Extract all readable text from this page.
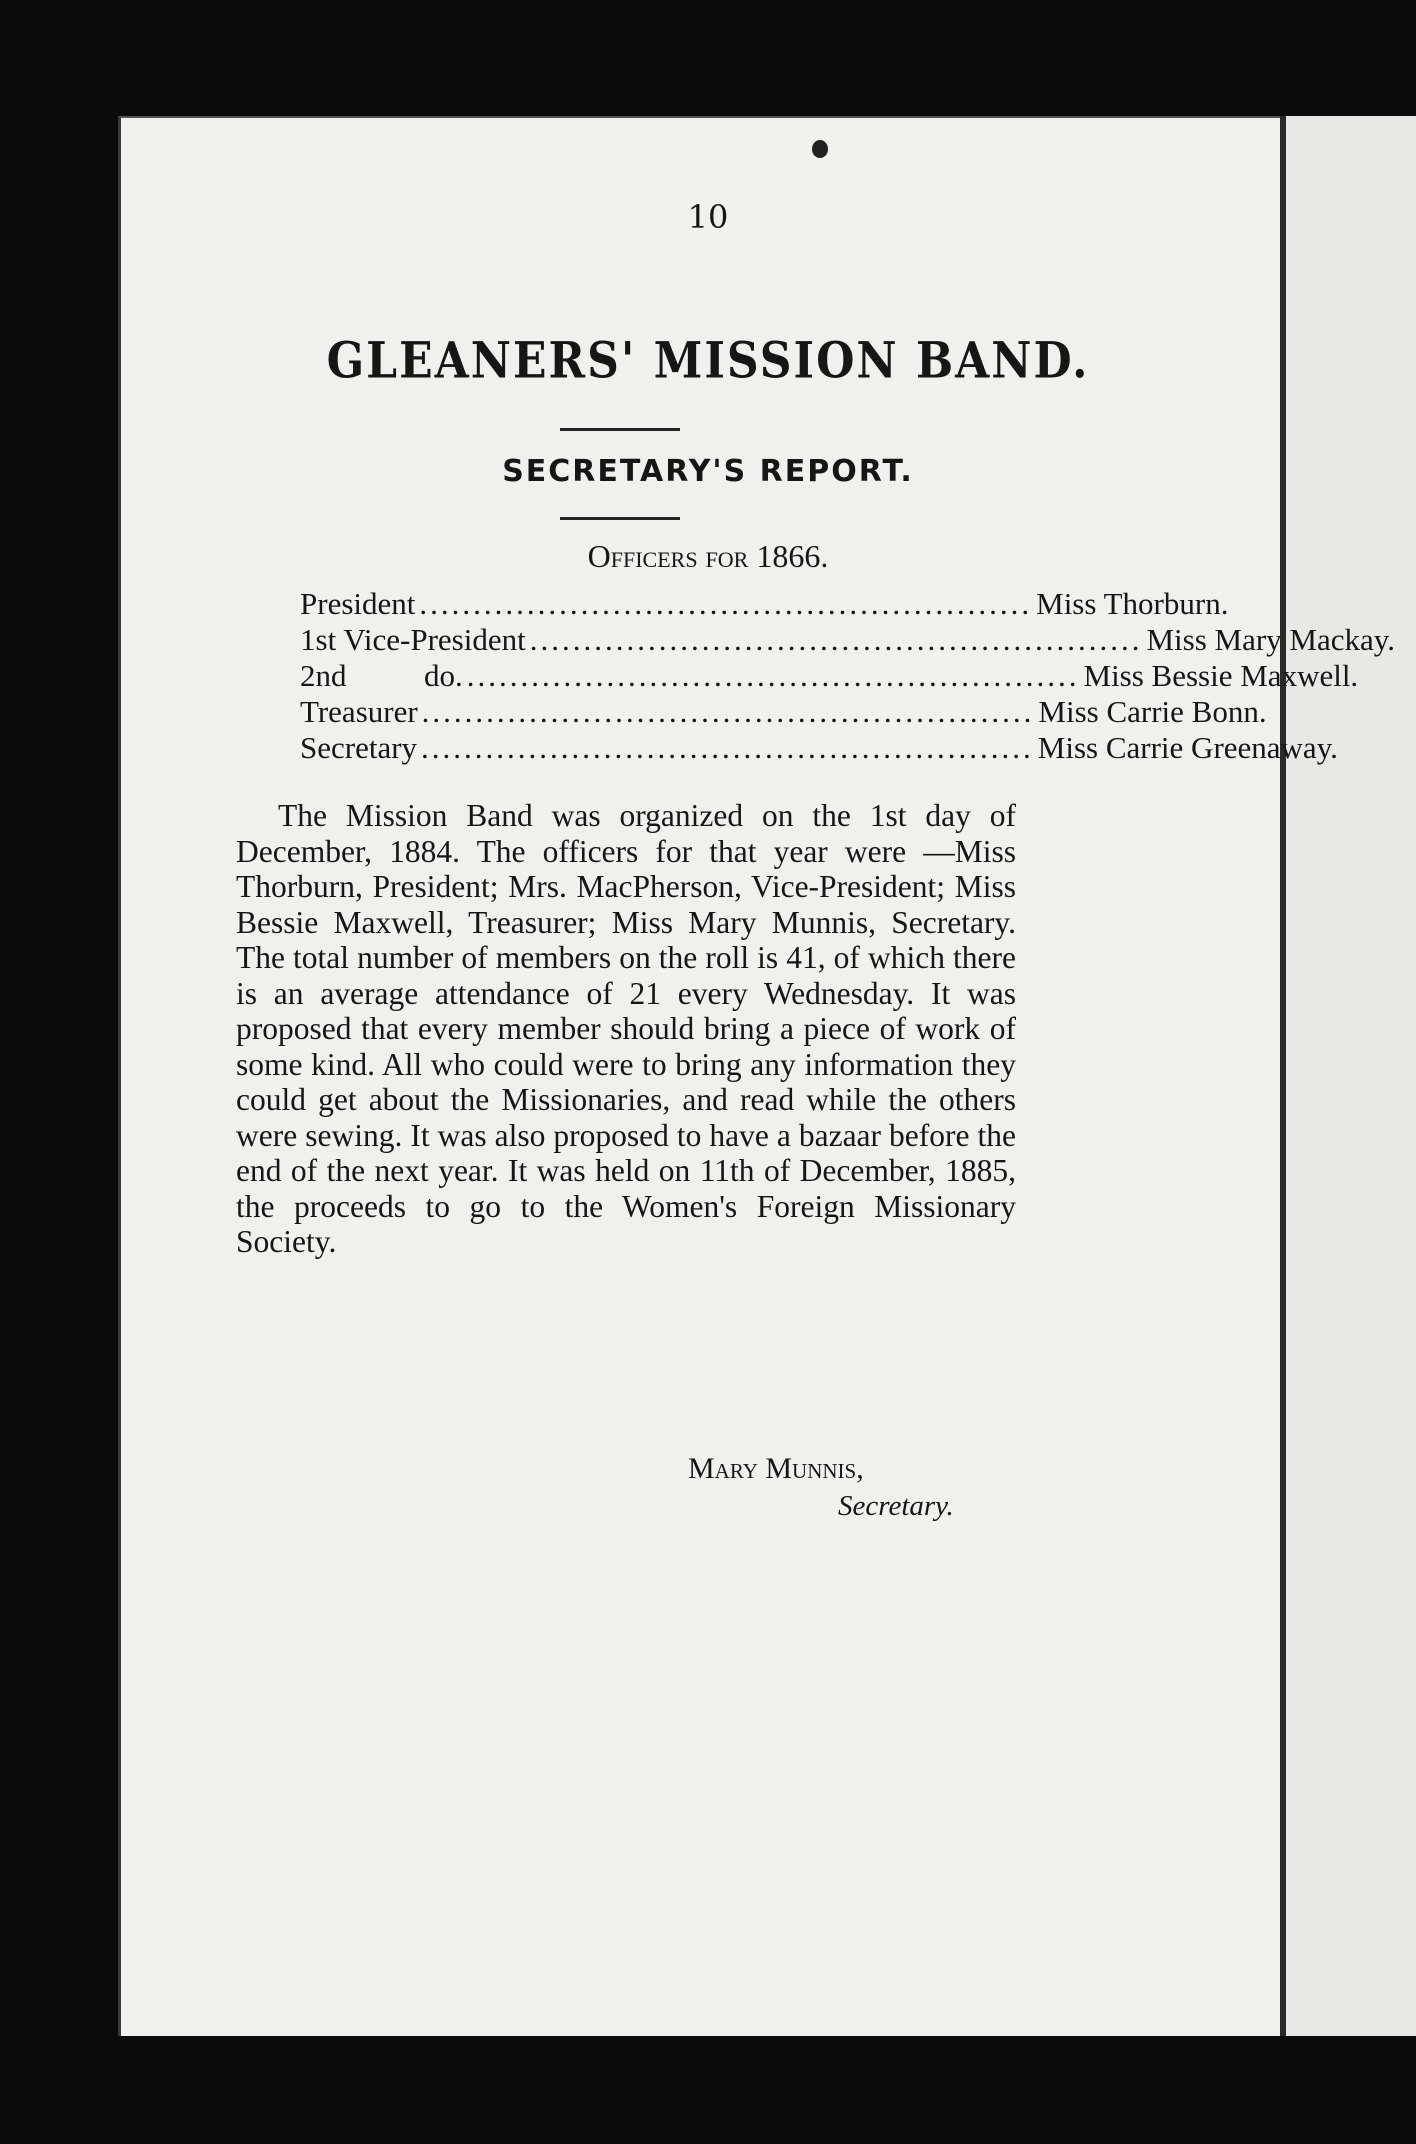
10
GLEANERS' MISSION BAND.
SECRETARY'S REPORT.
Officers for 1866.
President ......................................................... Miss Thorburn.
1st Vice-President ......................................................... Miss Mary Mackay.
2nd          do. ......................................................... Miss Bessie Maxwell.
Treasurer ......................................................... Miss Carrie Bonn.
Secretary ......................................................... Miss Carrie Greenaway.

The Mission Band was organized on the 1st day of December, 1884. The officers for that year were —Miss Thorburn, President; Mrs. MacPherson, Vice-President; Miss Bessie Maxwell, Treasurer; Miss Mary Munnis, Secretary. The total number of members on the roll is 41, of which there is an average attendance of 21 every Wednesday. It was proposed that every member should bring a piece of work of some kind. All who could were to bring any information they could get about the Missionaries, and read while the others were sewing. It was also proposed to have a bazaar before the end of the next year. It was held on 11th of December, 1885, the proceeds to go to the Women's Foreign Missionary Society.

Mary Munnis,
Secretary.
